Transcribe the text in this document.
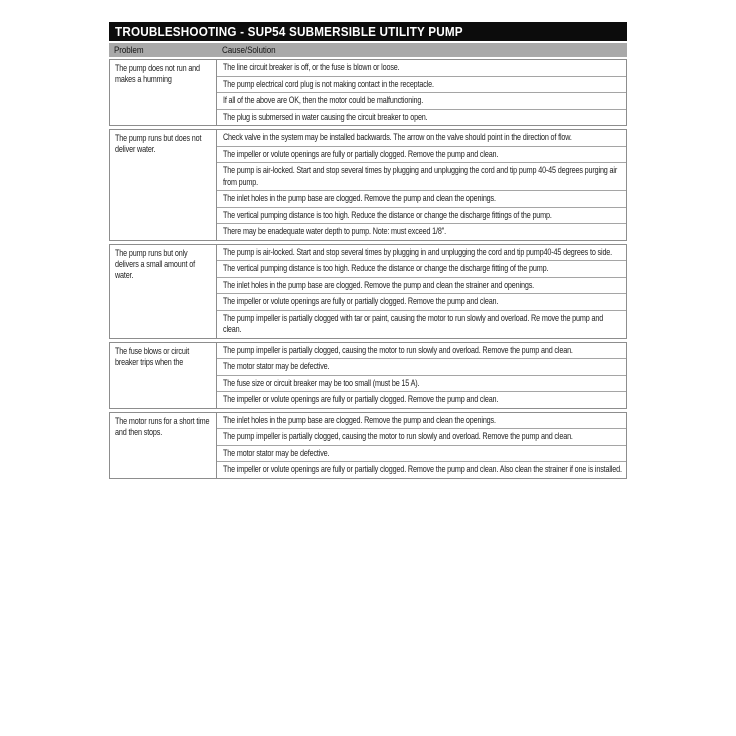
TROUBLESHOOTING - SUP54 SUBMERSIBLE UTILITY PUMP
Problem	Cause/Solution
The pump does not run and makes a humming
The line circuit breaker is off, or the fuse is blown or loose.
The pump electrical cord plug is not making contact in the receptacle.
If all of the above are OK, then the motor could be malfunctioning.
The plug is submersed in water causing the circuit breaker to open.
The pump runs but does not deliver water.
Check valve in the system may be installed backwards. The arrow on the valve should point in the direction of flow.
The impeller or volute openings are fully or partially clogged. Remove the pump and clean.
The pump is air-locked. Start and stop several times by plugging and unplugging the cord and tip pump 40-45 degrees purging air from pump.
The inlet holes in the pump base are clogged. Remove the pump and clean the openings.
The vertical pumping distance is too high. Reduce the distance or change the discharge fittings of the pump.
There may be enadequate water depth to pump. Note: must exceed 1/8".
The pump runs but only delivers a small amount of water.
The pump is air-locked. Start and stop several times by plugging in and unplugging the cord and tip pump40-45 degrees to side.
The vertical pumping distance is too high. Reduce the distance or change the discharge fitting of the pump.
The inlet holes in the pump base are clogged. Remove the pump and clean the strainer and openings.
The impeller or volute openings are fully or partially clogged. Remove the pump and clean.
The pump impeller is partially clogged with tar or paint, causing the motor to run slowly and overload. Re move the pump and clean.
The fuse blows or circuit breaker trips when the
The pump impeller is partially clogged, causing the motor to run slowly and overload. Remove the pump and clean.
The motor stator may be defective.
The fuse size or circuit breaker may be too small (must be 15 A).
The impeller or volute openings are fully or partially clogged. Remove the pump and clean.
The motor runs for a short time and then stops.
The inlet holes in the pump base are clogged. Remove the pump and clean the openings.
The pump impeller is partially clogged, causing the motor to run slowly and overload. Remove the pump and clean.
The motor stator may be defective.
The impeller or volute openings are fully or partially clogged. Remove the pump and clean. Also clean the strainer if one is installed.
